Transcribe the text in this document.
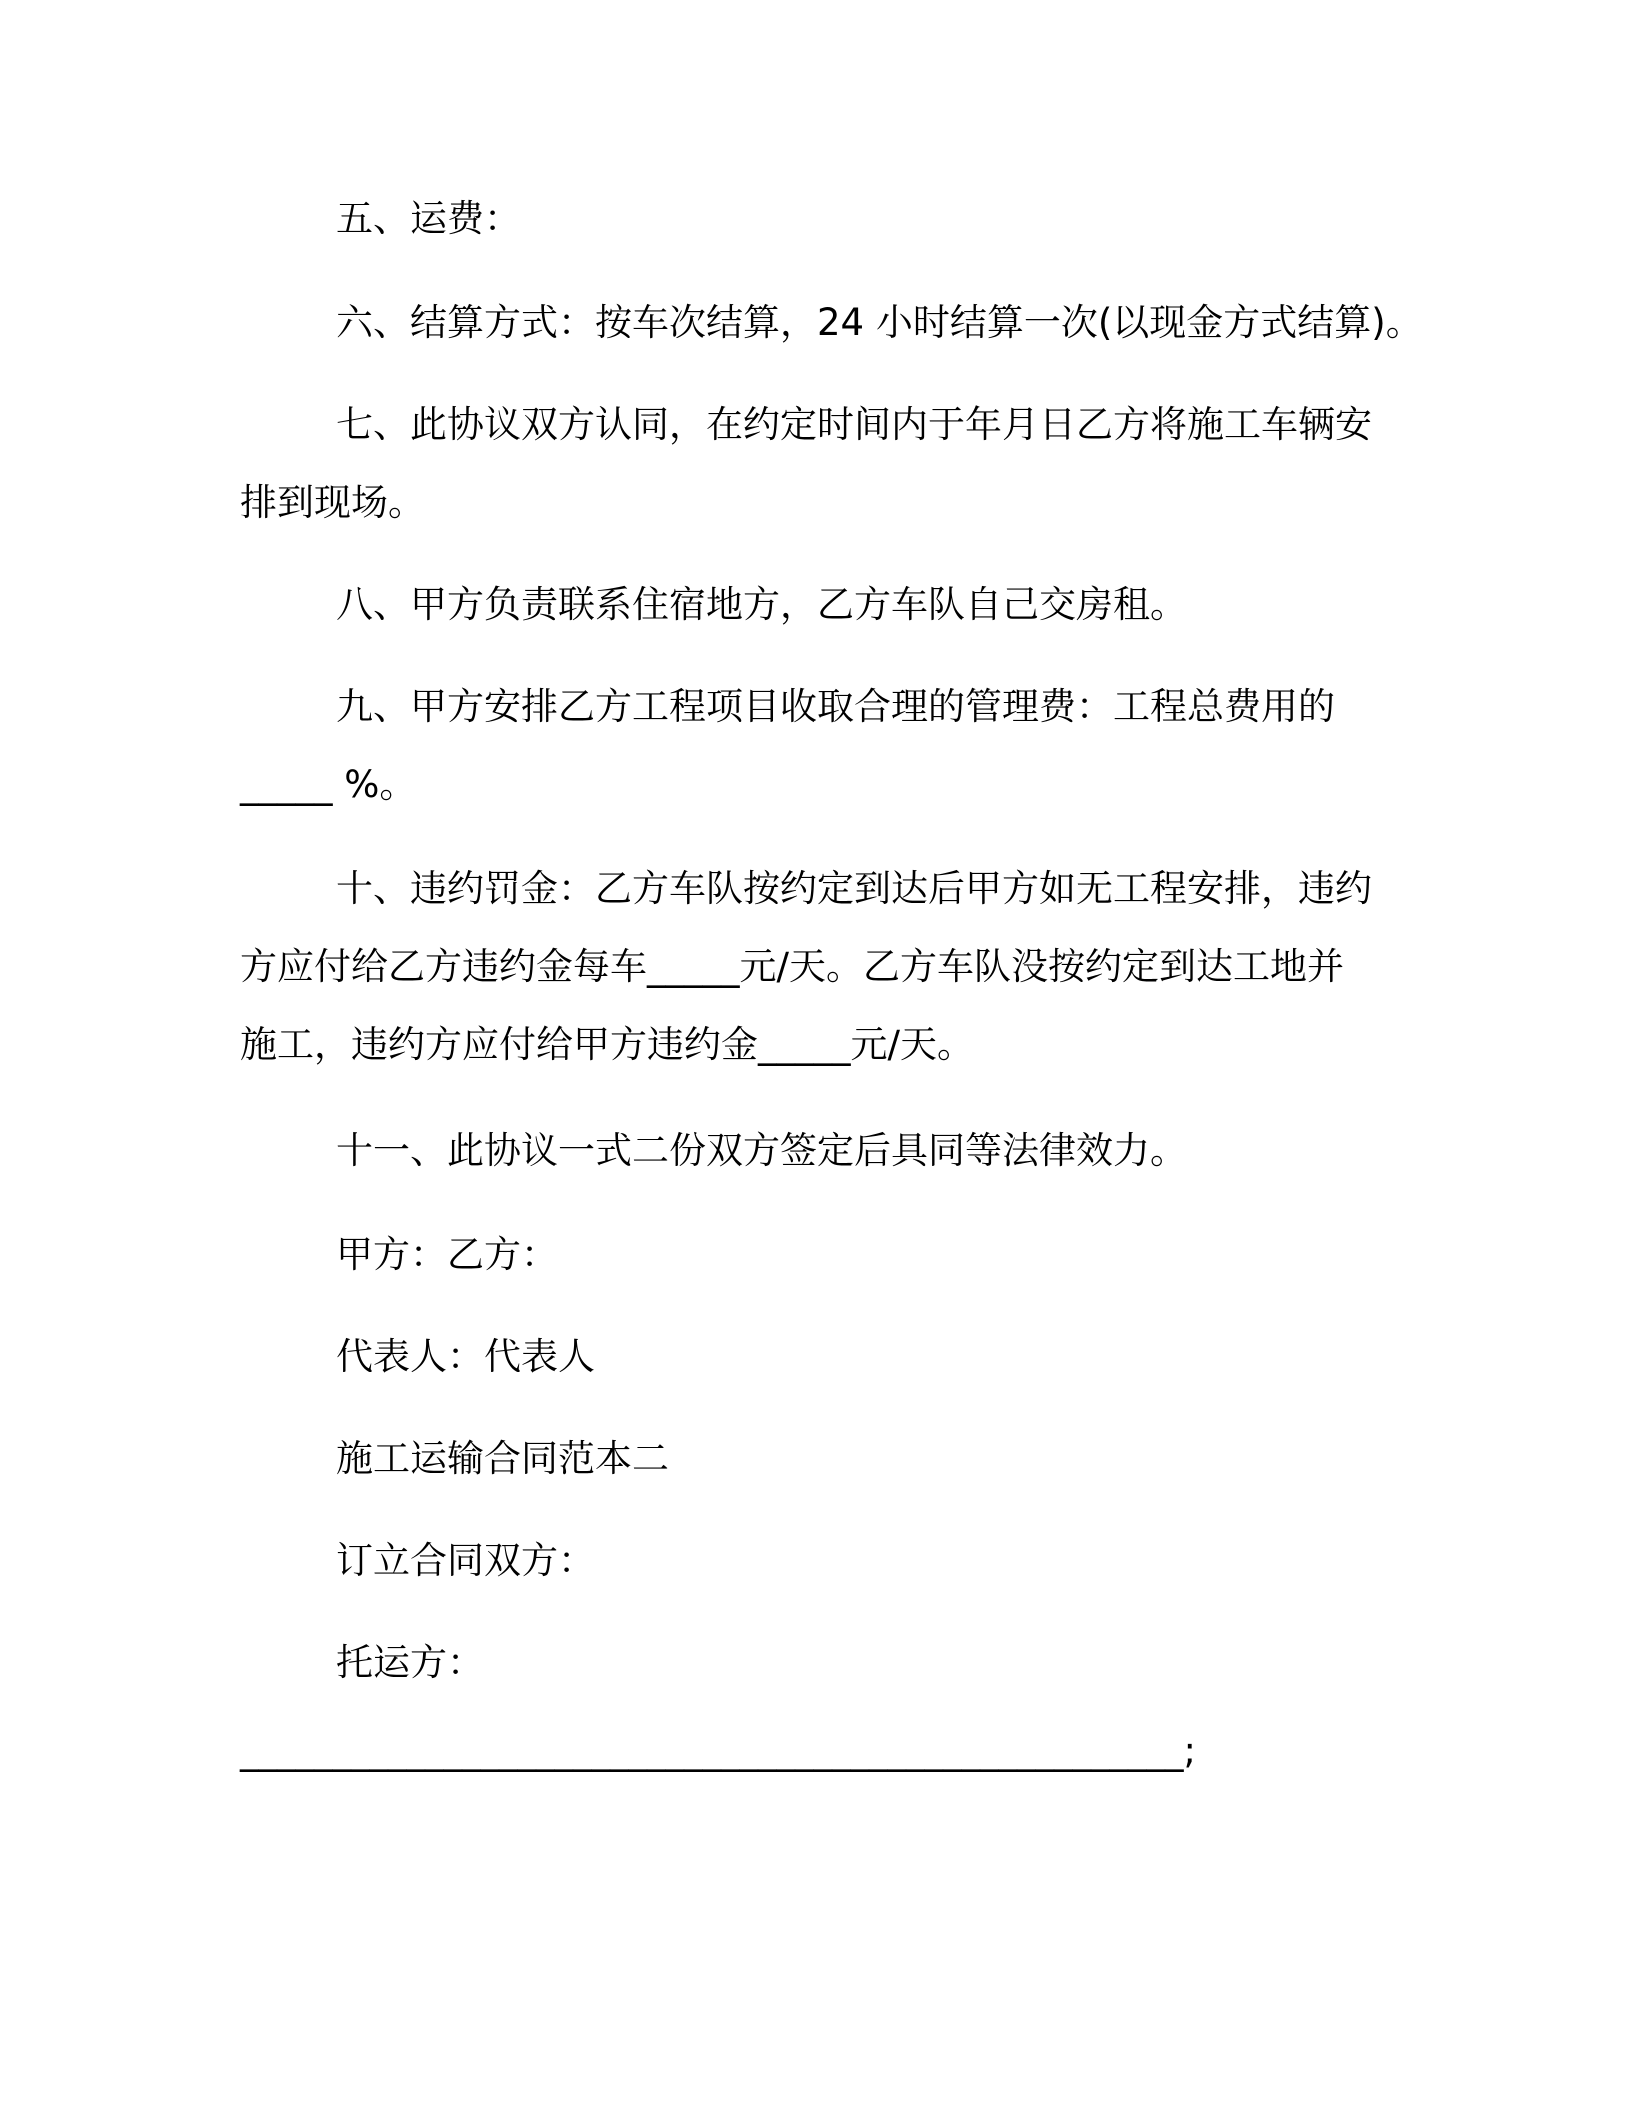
五、运费：
六、结算方式：按车次结算，24 小时结算一次(以现金方式结算)。
七、此协议双方认同，在约定时间内于年月日乙方将施工车辆安
排到现场。
八、甲方负责联系住宿地方，乙方车队自己交房租。
九、甲方安排乙方工程项目收取合理的管理费：工程总费用的
_____ %。
十、违约罚金：乙方车队按约定到达后甲方如无工程安排，违约
方应付给乙方违约金每车_____元/天。乙方车队没按约定到达工地并
施工，违约方应付给甲方违约金_____元/天。
十一、此协议一式二份双方签定后具同等法律效力。
甲方：乙方：
代表人：代表人
施工运输合同范本二
订立合同双方：
托运方：
___________________________________________________;
